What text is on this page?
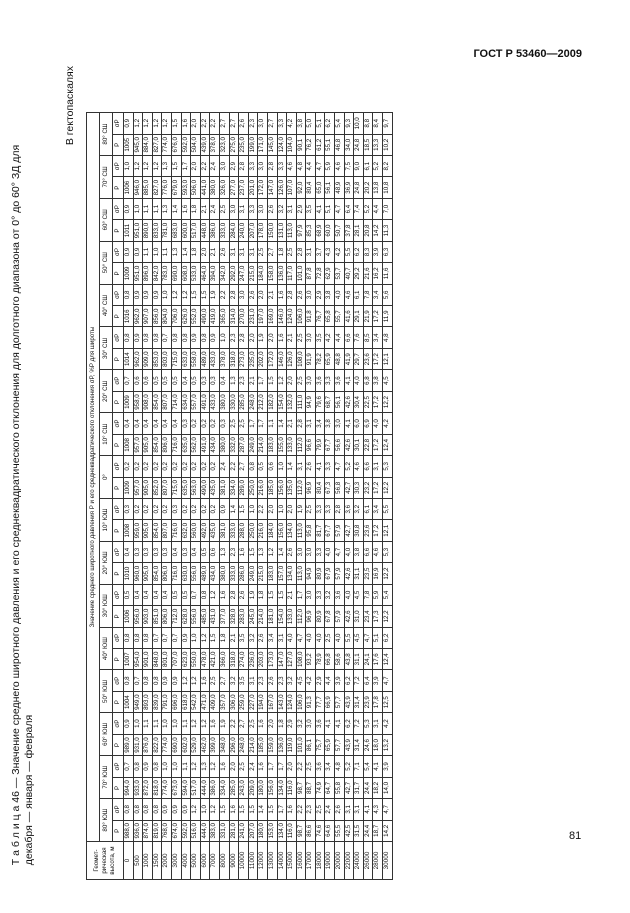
ГОСТ Р 53460—2009
Т а б л и ц а 46 — Значение среднего широтного давления и его среднеквадратического отклонения для долготного диапазона от 0° до 60° ЗД для декабря — января — февраля
В гектопаскалях
Геомет-
рическая
высота, м	Значение среднего широтного давления P и его среднеквадратического отклонения σP, %P для широты																																	
	80° ЮШ		70° ЮШ		60° ЮШ		50° ЮШ		40° ЮШ		30° ЮШ		20° ЮШ		10° ЮШ		0°		10° СШ		20° СШ		30° СШ		40° СШ		50° СШ		60° СШ		70° СШ		80° СШ	
	P	σP	P	σP	P	σP	P	σP	P	σP	P	σP	P	σP	P	σP	P	σP	P	σP	P	σP	P	σP	P	σP	P	σP	P	σP	P	σP	P	σP
0	988,0	0,8	994,0	0,7	989,0	0,9	1004	0,8	1007	0,8	1006	0,5	1010	0,4	1008	0,3	1009	0,2	1008	0,4	1009	0,7	1014	0,8	1016	0,8	1009	0,9	1011	0,9	1006	1,0	1005	0,9
500	936,0	0,8	933,0	0,8	931,0	1,0	949,0	0,7	954,0	0,8	956,0	0,4	960,0	0,3	959,0	0,2	957,0	0,2	957,0	0,4	958,0	0,6	962,0	0,9	962,0	0,9	951,0	0,9	951,0	1,0	946,0	1,2	945,0	1,2
1000	874,0	0,8	872,0	0,9	876,0	1,1	893,0	0,8	901,0	0,8	903,0	0,4	905,0	0,3	905,0	0,2	905,0	0,2	905,0	0,4	908,0	0,6	909,0	0,8	907,0	0,9	896,0	1,1	890,0	1,1	885,0	1,2	884,0	1,2
1500	819,0	0,8	818,0	0,8	822,0	1,1	839,0	0,8	848,0	0,7	851,0	0,4	854,0	0,3	854,0	0,2	852,0	0,2	854,0	0,4	854,0	0,5	853,0	0,8	856,0	0,9	842,0	1,0	833,0	1,1	827,0	1,2	827,0	1,2
2000	768,0	0,9	774,0	1,0	774,0	1,0	791,0	0,9	801,0	0,7	806,0	0,4	806,0	0,3	807,0	0,2	807,0	0,2	806,0	0,4	807,0	0,5	803,0	0,7	804,0	1,0	783,0	1,1	781,0	1,3	776,0	1,3	774,0	1,2
3000	674,0	0,9	673,0	1,0	690,0	1,0	696,0	0,9	707,0	0,7	712,0	0,5	716,0	0,4	716,0	0,3	715,0	0,2	716,0	0,4	714,0	0,5	715,0	0,8	706,0	1,2	690,0	1,3	683,0	1,4	679,0	1,5	676,0	1,5
4000	592,0	0,9	594,0	1,1	602,0	1,1	618,0	1,2	623,0	0,9	628,0	0,5	630,0	0,3	632,0	0,2	635,0	0,2	635,0	0,3	634,0	0,4	633,0	0,8	626,0	1,2	608,0	1,4	600,0	1,6	593,0	1,7	592,0	1,6
5000	516,0	1,2	517,0	1,2	529,0	1,2	542,0	1,2	550,0	1,0	556,0	0,7	556,0	0,4	560,0	0,2	563,0	0,2	562,0	0,2	557,0	0,5	558,0	0,9	552,0	1,5	533,0	1,8	517,0	1,8	506,0	2,0	504,0	2,0
6000	444,0	1,0	444,0	1,3	462,0	1,2	471,0	1,6	478,0	1,2	485,0	0,8	489,0	0,5	492,0	0,2	490,0	0,2	491,0	0,2	491,0	0,3	489,0	0,8	490,0	1,5	464,0	2,0	448,0	2,1	441,0	2,2	439,0	2,2
7000	383,0	1,2	386,0	1,2	399,0	1,6	409,0	2,5	421,0	1,5	431,0	1,2	434,0	0,6	435,0	0,2	435,0	0,2	434,0	0,2	433,0	0,3	433,0	0,9	419,0	1,9	394,0	2,1	386,0	2,4	380,0	2,4	378,0	2,2
8000	331,0	1,5	334,0	1,6	348,0	1,9	357,0	2,7	366,0	1,8	377,0	1,6	380,0	1,3	381,0	0,9	381,0	2,4	380,0	0,3	380,0	0,4	378,0	1,0	365,0	2,2	342,0	2,6	333,0	2,5	326,0	3,0	323,0	2,7
9000	281,0	1,6	285,0	2,0	296,0	2,2	306,0	3,2	318,0	2,1	328,0	2,8	333,0	2,3	333,0	1,4	334,0	2,2	332,0	2,5	330,0	1,3	318,0	2,3	314,0	2,8	292,0	3,1	284,0	3,0	277,0	2,9	275,0	2,7
10000	241,0	1,5	243,0	2,5	248,0	2,7	259,0	3,5	274,0	3,5	283,0	2,6	286,0	1,6	288,0	1,5	289,0	2,7	287,0	2,5	285,0	2,3	273,0	2,8	270,0	3,0	247,0	3,1	240,0	3,1	237,0	2,8	235,0	2,6
11000	207,0	1,5	209,0	2,4	214,0	2,5	227,0	3,1	236,0	3,2	245,0	1,9	249,0	1,5	250,0	1,0	250,0	0,8	249,0	1,7	248,0	2,1	235,0	2,0	231,0	2,6	215,0	3,1	207,0	3,3	201,0	3,3	199,0	2,3
12000	180,0	1,4	180,0	1,6	185,0	1,6	194,0	2,3	203,0	2,6	214,0	1,8	215,0	1,3	216,0	2,2	216,0	0,5	214,0	1,7	212,0	1,7	202,0	1,9	197,0	2,0	184,0	2,5	178,0	3,0	172,0	3,0	171,0	3,0
13000	153,0	1,5	156,0	1,7	159,0	2,0	167,0	2,6	173,0	3,4	181,0	1,5	183,0	1,2	184,0	2,0	185,0	0,6	183,0	1,1	182,0	1,5	172,0	2,0	169,0	2,1	158,0	2,7	150,0	2,6	147,0	2,8	145,0	2,7
14000	134,0	1,7	134,0	1,7	136,0	1,8	143,0	2,3	147,0	3,1	154,0	1,5	157,0	1,4	156,0	1,0	156,0	1,0	155,0	1,4	154,0	1,2	146,0	1,6	146,0	1,6	136,0	1,8	131,0	3,2	126,0	3,3	124,0	3,3
15000	116,0	1,6	116,0	2,0	119,0	2,9	124,0	3,2	127,0	4,0	133,0	2,1	134,0	2,6	134,0	2,0	135,0	1,4	133,0	2,1	132,0	2,0	126,0	2,1	124,0	2,8	117,0	2,5	113,0	3,1	107,0	4,6	104,0	4,2
16000	98,7	2,2	98,7	2,2	101,0	3,2	106,0	4,5	108,0	4,7	112,0	1,7	113,0	3,0	113,0	1,9	112,0	3,1	112,0	2,8	111,0	2,5	108,0	2,5	106,0	2,6	101,0	2,8	97,9	2,9	92,0	4,8	90,1	3,8
17000	86,6	2,3	88,7	2,5	86,1	3,0	91,3	4,2	93,2	4,0	96,9	3,0	94,9	3,0	95,8	2,5	96,9	2,6	96,6	3,1	94,9	3,0	91,9	3,0	91,8	3,0	87,8	3,1	85,3	3,5	80,4	4,4	76,2	5,0
18000	74,6	2,5	74,9	3,6	75,7	3,6	77,7	2,9	78,9	4,0	80,9	3,3	80,9	3,3	81,7	3,3	80,4	4,1	79,9	3,4	79,6	3,6	78,2	3,5	76,7	2,9	72,8	3,7	68,9	4,1	65,0	4,7	61,2	5,1
19000	64,6	2,4	64,7	3,4	65,9	4,1	66,9	4,4	66,8	2,5	67,8	3,2	67,9	4,0	67,7	3,3	67,3	3,3	67,7	3,8	68,7	3,3	65,9	4,2	65,8	3,8	62,9	4,3	60,0	5,1	56,1	5,9	55,1	6,2
20000	55,5	2,6	55,8	4,8	57,7	4,1	57,7	3,9	58,6	4,0	57,9	3,6	57,9	4,7	57,9	2,8	56,8	4,7	56,6	3,0	56,1	3,6	48,8	4,4	55,7	4,0	53,7	4,2	50,7	4,7	48,9	4,6	46,8	5,4
22000	42,5	3,1	42,7	5,2	43,9	6,2	43,9	6,2	43,8	5,5	42,6	4,0	42,6	4,0	42,7	3,6	42,7	5,2	42,6	4,1	42,6	4,1	41,9	6,6	41,6	4,6	40,7	5,5	37,8	6,4	36,9	7,5	34,0	9,3
24000	31,5	3,1	31,7	7,1	31,4	7,2	31,4	7,2	31,1	4,5	31,0	4,5	31,1	3,8	30,8	3,2	30,3	4,6	30,1	6,0	30,4	4,0	29,7	7,6	29,1	6,1	29,2	6,2	28,1	7,4	24,8	9,0	24,8	10,0
26000	24,4	4,1	24,4	5,4	24,6	5,3	23,9	6,4	24,1	4,7	23,4	7,8	23,5	6,6	23,6	6,1	23,2	6,6	22,8	6,9	22,5	6,8	23,6	8,5	21,9	7,8	21,6	8,3	20,8	5,2	20,2	6,1	18,5	8,8
28000	18,7	4,3	18,2	4,1	18,0	3,1	17,8	3,9	17,6	5,1	17,3	5,9	16,9	4,6	17,2	3,4	17,2	3,1	17,2	4,0	17,2	3,8	17,2	3,4	17,2	3,4	16,2	3,9	14,2	4,4	13,8	5,2	13,3	8,4
30000	14,2	4,7	14,0	3,9	13,2	4,2	12,5	4,7	12,4	6,2	12,2	5,4	12,2	5,3	12,1	5,5	12,2	5,3	12,4	4,2	12,2	4,5	12,1	4,8	11,9	5,6	11,6	6,3	11,3	7,0	10,8	8,2	10,2	9,7
81
